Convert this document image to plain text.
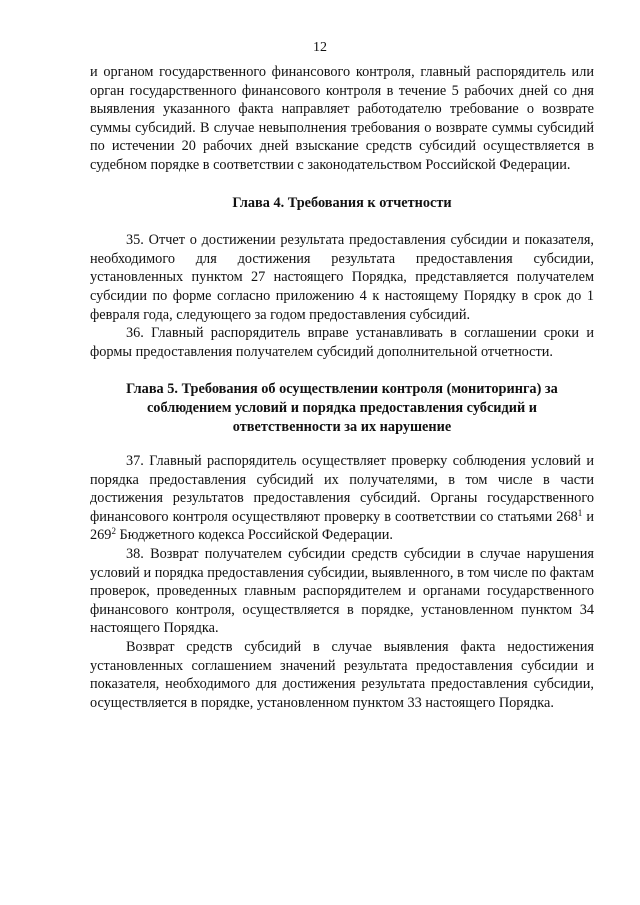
12

и органом государственного финансового контроля, главный распорядитель или орган государственного финансового контроля в течение 5 рабочих дней со дня выявления указанного факта направляет работодателю требование о возврате суммы субсидий. В случае невыполнения требования о возврате суммы субсидий по истечении 20 рабочих дней взыскание средств субсидий осуществляется в судебном порядке в соответствии с законодательством Российской Федерации.

Глава 4. Требования к отчетности

35. Отчет о достижении результата предоставления субсидии и показателя, необходимого для достижения результата предоставления субсидии, установленных пунктом 27 настоящего Порядка, представляется получателем субсидии по форме согласно приложению 4 к настоящему Порядку в срок до 1 февраля года, следующего за годом предоставления субсидий.

36. Главный распорядитель вправе устанавливать в соглашении сроки и формы предоставления получателем субсидий дополнительной отчетности.

Глава 5. Требования об осуществлении контроля (мониторинга) за

соблюдением условий и порядка предоставления субсидий и

ответственности за их нарушение

37. Главный распорядитель осуществляет проверку соблюдения условий и порядка предоставления субсидий их получателями, в том числе в части достижения результатов предоставления субсидий. Органы государственного финансового контроля осуществляют проверку в соответствии со статьями $268^1$ и $269^2$ Бюджетного кодекса Российской Федерации.

38. Возврат получателем субсидии средств субсидии в случае нарушения условий и порядка предоставления субсидии, выявленного, в том числе по фактам проверок, проведенных главным распорядителем и органами государственного финансового контроля, осуществляется в порядке, установленном пунктом 34 настоящего Порядка.

Возврат средств субсидий в случае выявления факта недостижения установленных соглашением значений результата предоставления субсидии и показателя, необходимого для достижения результата предоставления субсидии, осуществляется в порядке, установленном пунктом 33 настоящего Порядка.
